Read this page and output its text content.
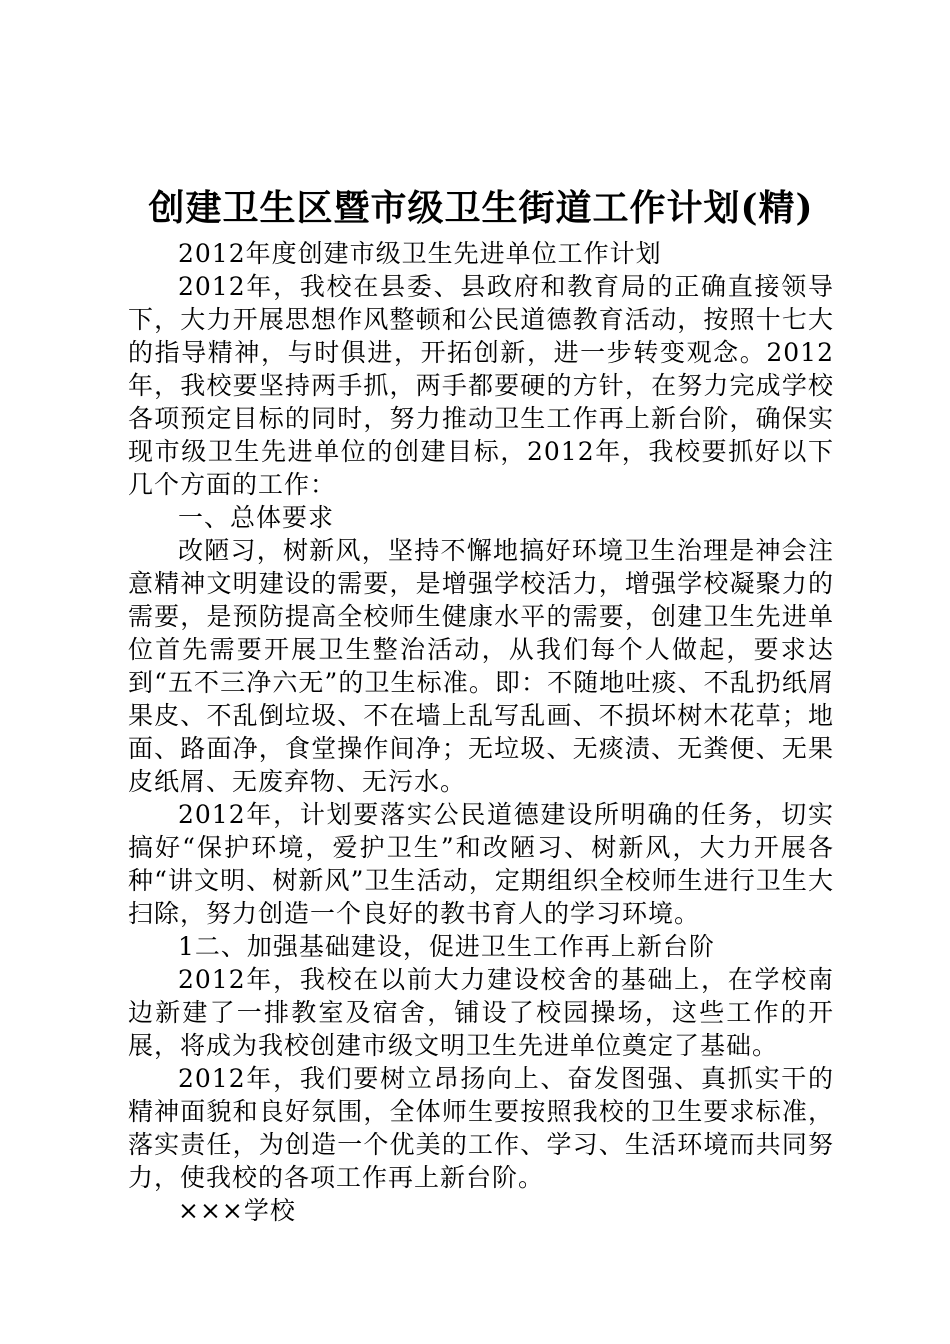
创建卫生区暨市级卫生街道工作计划(精)

2012年度创建市级卫生先进单位工作计划

2012年，我校在县委、县政府和教育局的正确直接领导下，大力开展思想作风整顿和公民道德教育活动，按照十七大的指导精神，与时俱进，开拓创新，进一步转变观念。2012年，我校要坚持两手抓，两手都要硬的方针，在努力完成学校各项预定目标的同时，努力推动卫生工作再上新台阶，确保实现市级卫生先进单位的创建目标，2012年，我校要抓好以下几个方面的工作：

一、总体要求

改陋习，树新风，坚持不懈地搞好环境卫生治理是神会注意精神文明建设的需要，是增强学校活力，增强学校凝聚力的需要，是预防提高全校师生健康水平的需要，创建卫生先进单位首先需要开展卫生整治活动，从我们每个人做起，要求达到“五不三净六无”的卫生标准。即：不随地吐痰、不乱扔纸屑果皮、不乱倒垃圾、不在墙上乱写乱画、不损坏树木花草；地面、路面净，食堂操作间净；无垃圾、无痰渍、无粪便、无果皮纸屑、无废弃物、无污水。

2012年，计划要落实公民道德建设所明确的任务，切实搞好“保护环境，爱护卫生”和改陋习、树新风，大力开展各种“讲文明、树新风”卫生活动，定期组织全校师生进行卫生大扫除，努力创造一个良好的教书育人的学习环境。

1二、加强基础建设，促进卫生工作再上新台阶

2012年，我校在以前大力建设校舍的基础上，在学校南边新建了一排教室及宿舍，铺设了校园操场，这些工作的开展，将成为我校创建市级文明卫生先进单位奠定了基础。

2012年，我们要树立昂扬向上、奋发图强、真抓实干的精神面貌和良好氛围，全体师生要按照我校的卫生要求标准，落实责任，为创造一个优美的工作、学习、生活环境而共同努力，使我校的各项工作再上新台阶。

×××学校
